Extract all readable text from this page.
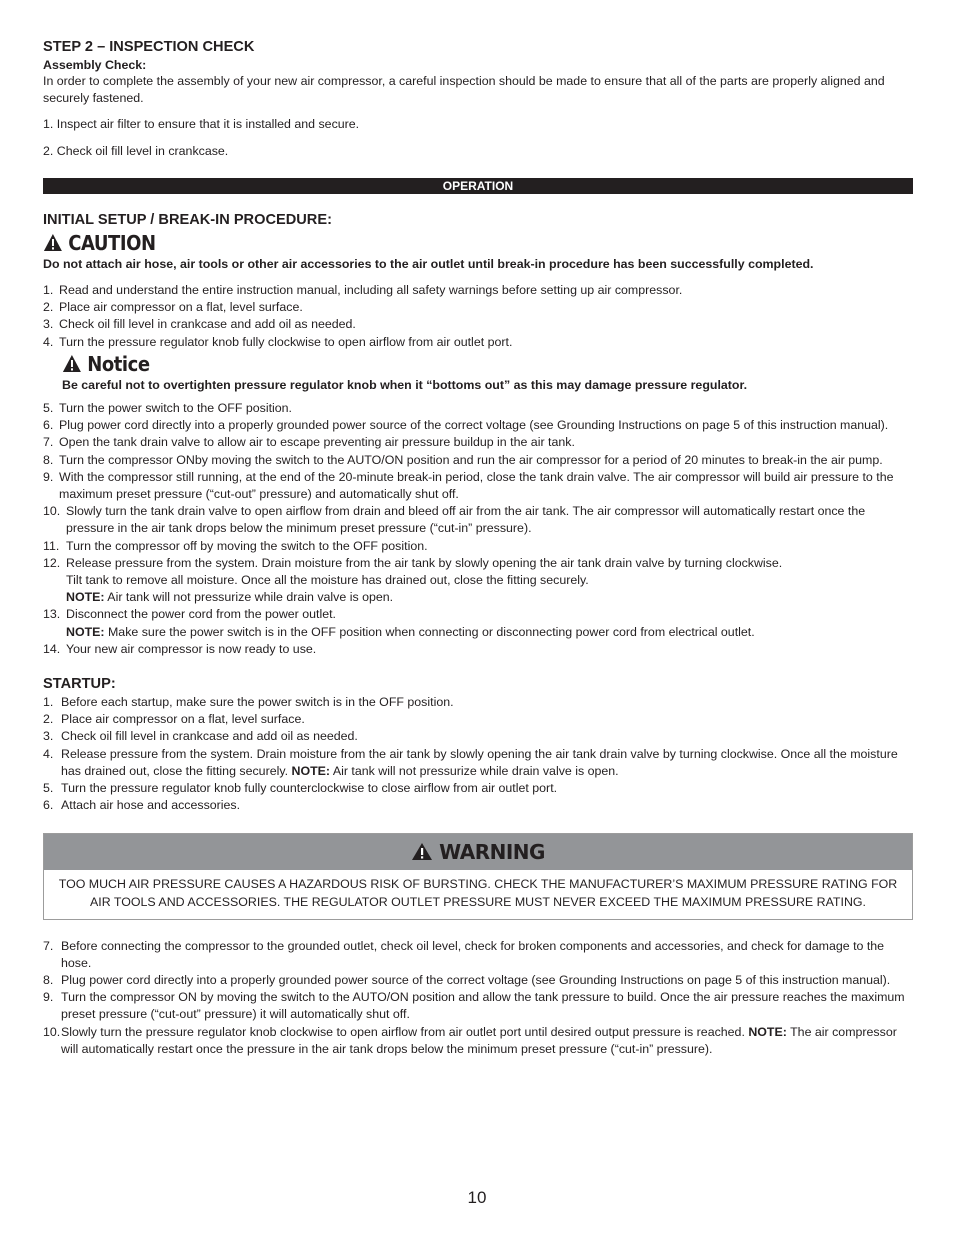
STEP 2 – INSPECTION CHECK
Assembly Check:

In order to complete the assembly of your new air compressor, a careful inspection should be made to ensure that all of the parts are properly aligned and securely fastened.

1. Inspect air filter to ensure that it is installed and secure.

2. Check oil fill level in crankcase.

OPERATION
INITIAL SETUP / BREAK-IN PROCEDURE:
CAUTION

Do not attach air hose, air tools or other air accessories to the air outlet until break-in procedure has been successfully completed.

1. Read and understand the entire instruction manual, including all safety warnings before setting up air compressor.
2. Place air compressor on a flat, level surface.
3. Check oil fill level in crankcase and add oil as needed.
4. Turn the pressure regulator knob fully clockwise to open airflow from air outlet port.
Notice

Be careful not to overtighten pressure regulator knob when it “bottoms out” as this may damage pressure regulator.

5. Turn the power switch to the OFF position.
6. Plug power cord directly into a properly grounded power source of the correct voltage (see Grounding Instructions on page 5 of this instruction manual).
7. Open the tank drain valve to allow air to escape preventing air pressure buildup in the air tank.
8. Turn the compressor ONby moving the switch to the AUTO/ON position and run the air compressor for a period of 20 minutes to break-in the air pump.
9. With the compressor still running, at the end of the 20-minute break-in period, close the tank drain valve. The air compressor will build air pressure to the maximum preset pressure (“cut-out” pressure) and automatically shut off.
10. Slowly turn the tank drain valve to open airflow from drain and bleed off air from the air tank. The air compressor will automatically restart once the pressure in the air tank drops below the minimum preset pressure (“cut-in” pressure).
11. Turn the compressor off by moving the switch to the OFF position.
12. Release pressure from the system. Drain moisture from the air tank by slowly opening the air tank drain valve by turning clockwise.
Tilt tank to remove all moisture. Once all the moisture has drained out, close the fitting securely.
NOTE: Air tank will not pressurize while drain valve is open.
13. Disconnect the power cord from the power outlet.
NOTE: Make sure the power switch is in the OFF position when connecting or disconnecting power cord from electrical outlet.
14. Your new air compressor is now ready to use.
STARTUP:
1. Before each startup, make sure the power switch is in the OFF position.
2. Place air compressor on a flat, level surface.
3. Check oil fill level in crankcase and add oil as needed.
4. Release pressure from the system. Drain moisture from the air tank by slowly opening the air tank drain valve by turning clockwise. Once all the moisture has drained out, close the fitting securely. NOTE: Air tank will not pressurize while drain valve is open.
5. Turn the pressure regulator knob fully counterclockwise to close airflow from air outlet port.
6. Attach air hose and accessories.
WARNING
TOO MUCH AIR PRESSURE CAUSES A HAZARDOUS RISK OF BURSTING. CHECK THE MANUFACTURER’S MAXIMUM PRESSURE RATING FOR AIR TOOLS AND ACCESSORIES. THE REGULATOR OUTLET PRESSURE MUST NEVER EXCEED THE MAXIMUM PRESSURE RATING.
7. Before connecting the compressor to the grounded outlet, check oil level, check for broken components and accessories, and check for damage to the hose.
8. Plug power cord directly into a properly grounded power source of the correct voltage (see Grounding Instructions on page 5 of this instruction manual).
9. Turn the compressor ON by moving the switch to the AUTO/ON position and allow the tank pressure to build. Once the air pressure reaches the maximum preset pressure (“cut-out” pressure) it will automatically shut off.
10. Slowly turn the pressure regulator knob clockwise to open airflow from air outlet port until desired output pressure is reached. NOTE: The air compressor will automatically restart once the pressure in the air tank drops below the minimum preset pressure (“cut-in” pressure).
10
